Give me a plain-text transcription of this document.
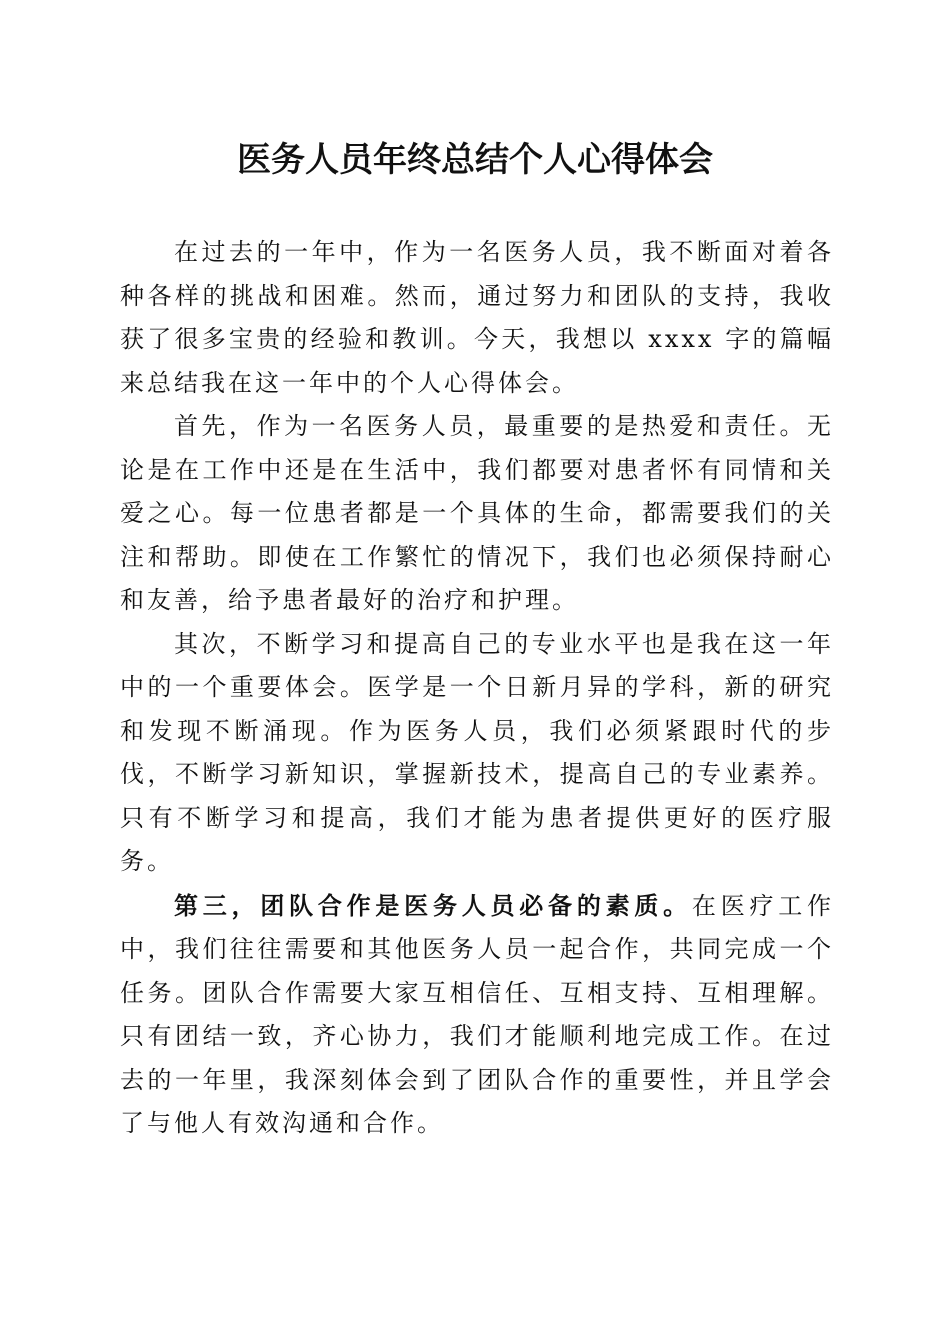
医务人员年终总结个人心得体会

在过去的一年中，作为一名医务人员，我不断面对着各种各样的挑战和困难。然而，通过努力和团队的支持，我收获了很多宝贵的经验和教训。今天，我想以 xxxx 字的篇幅来总结我在这一年中的个人心得体会。

首先，作为一名医务人员，最重要的是热爱和责任。无论是在工作中还是在生活中，我们都要对患者怀有同情和关爱之心。每一位患者都是一个具体的生命，都需要我们的关注和帮助。即使在工作繁忙的情况下，我们也必须保持耐心和友善，给予患者最好的治疗和护理。

其次，不断学习和提高自己的专业水平也是我在这一年中的一个重要体会。医学是一个日新月异的学科，新的研究和发现不断涌现。作为医务人员，我们必须紧跟时代的步伐，不断学习新知识，掌握新技术，提高自己的专业素养。只有不断学习和提高，我们才能为患者提供更好的医疗服务。

第三，团队合作是医务人员必备的素质。在医疗工作中，我们往往需要和其他医务人员一起合作，共同完成一个任务。团队合作需要大家互相信任、互相支持、互相理解。只有团结一致，齐心协力，我们才能顺利地完成工作。在过去的一年里，我深刻体会到了团队合作的重要性，并且学会了与他人有效沟通和合作。
